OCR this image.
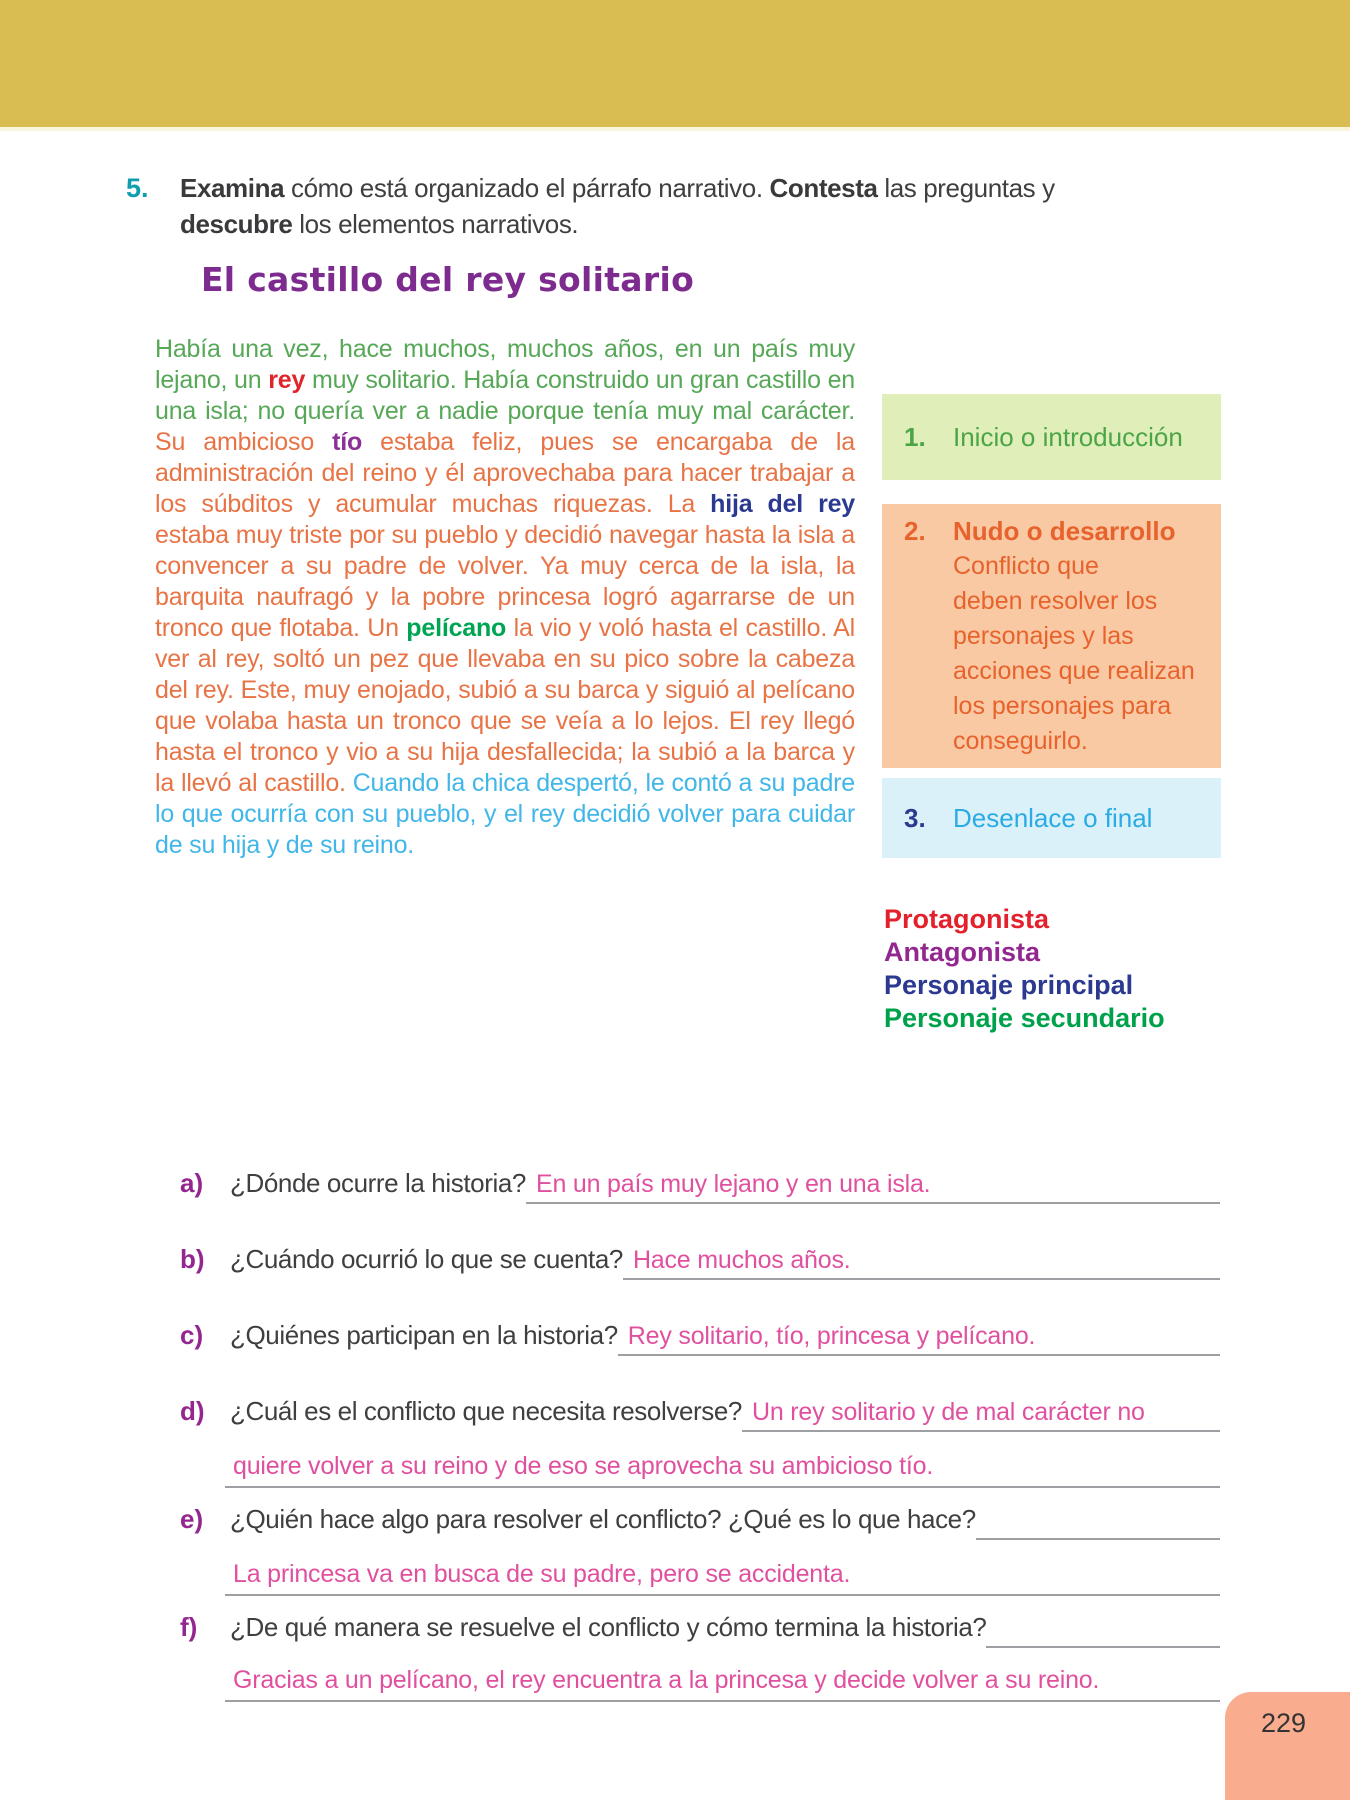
5.	Examina cómo está organizado el párrafo narrativo. Contesta las preguntas y descubre los elementos narrativos.

El castillo del rey solitario

Había una vez, hace muchos, muchos años, en un país muy lejano, un rey muy solitario. Había construido un gran castillo en una isla; no quería ver a nadie porque tenía muy mal carácter. Su ambicioso tío estaba feliz, pues se encargaba de la administración del reino y él aprovechaba para hacer trabajar a los súbditos y acumular muchas riquezas. La hija del rey estaba muy triste por su pueblo y decidió navegar hasta la isla a convencer a su padre de volver. Ya muy cerca de la isla, la barquita naufragó y la pobre princesa logró agarrarse de un tronco que flotaba. Un pelícano la vio y voló hasta el castillo. Al ver al rey, soltó un pez que llevaba en su pico sobre la cabeza del rey. Este, muy enojado, subió a su barca y siguió al pelícano que volaba hasta un tronco que se veía a lo lejos. El rey llegó hasta el tronco y vio a su hija desfallecida; la subió a la barca y la llevó al castillo. Cuando la chica despertó, le contó a su padre lo que ocurría con su pueblo, y el rey decidió volver para cuidar de su hija y de su reino.

1.	Inicio o introducción
2.	Nudo o desarrollo
Conflicto que
deben resolver los
personajes y las
acciones que realizan
los personajes para
conseguirlo.
3.	Desenlace o final
Protagonista
Antagonista
Personaje principal
Personaje secundario
a)	¿Dónde ocurre la historia? En un país muy lejano y en una isla.
b) ¿Cuándo ocurrió lo que se cuenta? Hace muchos años.
c)	¿Quiénes participan en la historia? Rey solitario, tío, princesa y pelícano.
d) ¿Cuál es el conflicto que necesita resolverse? Un rey solitario y de mal carácter no
quiere volver a su reino y de eso se aprovecha su ambicioso tío.
e)	¿Quién hace algo para resolver el conflicto? ¿Qué es lo que hace?
La princesa va en busca de su padre, pero se accidenta.
f)	¿De qué manera se resuelve el conflicto y cómo termina la historia?
Gracias a un pelícano, el rey encuentra a la princesa y decide volver a su reino.
229
